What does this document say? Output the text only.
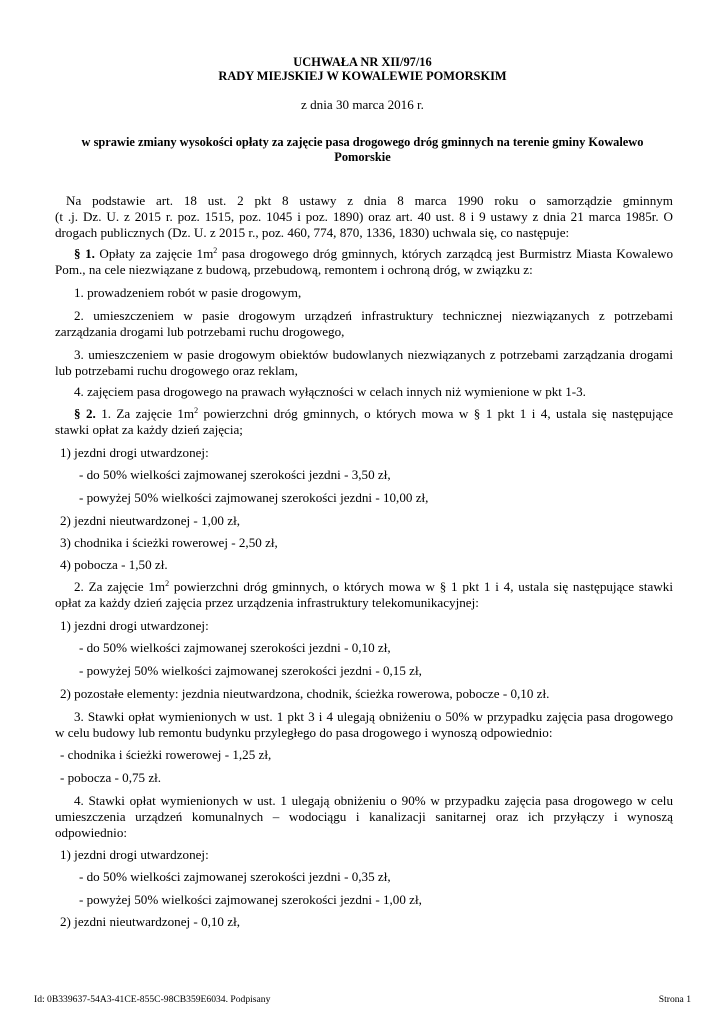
UCHWAŁA NR XII/97/16
RADY MIEJSKIEJ W KOWALEWIE POMORSKIM
z dnia 30 marca 2016 r.
w sprawie zmiany wysokości opłaty za zajęcie pasa drogowego dróg gminnych na terenie gminy Kowalewo
Pomorskie
Na podstawie art. 18 ust. 2 pkt 8 ustawy z dnia 8 marca 1990 roku o samorządzie gminnym
(t .j. Dz. U. z 2015 r. poz. 1515, poz. 1045 i poz. 1890) oraz art. 40 ust. 8 i 9 ustawy z dnia 21 marca 1985r. O
drogach publicznych (Dz. U. z 2015 r., poz. 460, 774, 870, 1336, 1830) uchwala się, co następuje:
§ 1. Opłaty za zajęcie $1m^2$ pasa drogowego dróg gminnych, których zarządcą jest Burmistrz Miasta Kowalewo
Pom., na cele niezwiązane z budową, przebudową, remontem i ochroną dróg, w związku z:
1. prowadzeniem robót w pasie drogowym,
2. umieszczeniem w pasie drogowym urządzeń infrastruktury technicznej niezwiązanych z potrzebami
zarządzania drogami lub potrzebami ruchu drogowego,
3. umieszczeniem w pasie drogowym obiektów budowlanych niezwiązanych z potrzebami zarządzania drogami
lub potrzebami ruchu drogowego oraz reklam,
4. zajęciem pasa drogowego na prawach wyłączności w celach innych niż wymienione w pkt 1-3.
§ 2. 1. Za zajęcie $1m^2$ powierzchni dróg gminnych, o których mowa w § 1 pkt 1 i 4, ustala się następujące
stawki opłat za każdy dzień zajęcia;
1) jezdni drogi utwardzonej:
- do 50% wielkości zajmowanej szerokości jezdni - 3,50 zł,
- powyżej 50% wielkości zajmowanej szerokości jezdni - 10,00 zł,
2) jezdni nieutwardzonej - 1,00 zł,
3) chodnika i ścieżki rowerowej - 2,50 zł,
4) pobocza - 1,50 zł.
2. Za zajęcie $1m^2$ powierzchni dróg gminnych, o których mowa w § 1 pkt 1 i 4, ustala się następujące stawki
opłat za każdy dzień zajęcia przez urządzenia infrastruktury telekomunikacyjnej:
1) jezdni drogi utwardzonej:
- do 50% wielkości zajmowanej szerokości jezdni - 0,10 zł,
- powyżej 50% wielkości zajmowanej szerokości jezdni - 0,15 zł,
2) pozostałe elementy: jezdnia nieutwardzona, chodnik, ścieżka rowerowa, pobocze - 0,10 zł.
3. Stawki opłat wymienionych w ust. 1 pkt 3 i 4 ulegają obniżeniu o 50% w przypadku zajęcia pasa drogowego
w celu budowy lub remontu budynku przyległego do pasa drogowego i wynoszą odpowiednio:
- chodnika i ścieżki rowerowej - 1,25 zł,
- pobocza - 0,75 zł.
4. Stawki opłat wymienionych w ust. 1 ulegają obniżeniu o 90% w przypadku zajęcia pasa drogowego w celu
umieszczenia urządzeń komunalnych – wodociągu i kanalizacji sanitarnej oraz ich przyłączy i wynoszą
odpowiednio:
1) jezdni drogi utwardzonej:
- do 50% wielkości zajmowanej szerokości jezdni - 0,35 zł,
- powyżej 50% wielkości zajmowanej szerokości jezdni - 1,00 zł,
2) jezdni nieutwardzonej - 0,10 zł,
Id: 0B339637-54A3-41CE-855C-98CB359E6034. Podpisany	Strona 1
